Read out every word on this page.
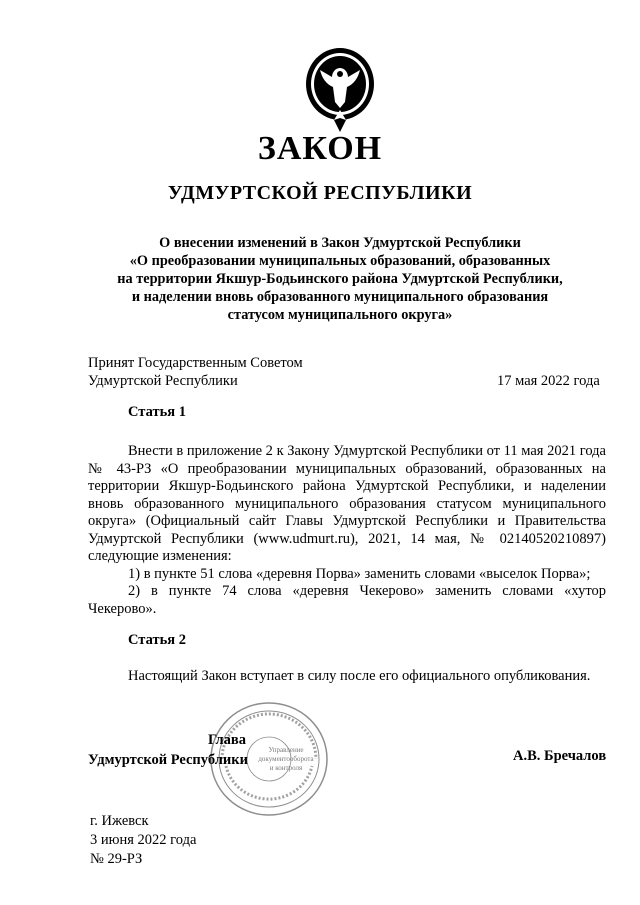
ЗАКОН
УДМУРТСКОЙ РЕСПУБЛИКИ
О внесении изменений в Закон Удмуртской Республики
«О преобразовании муниципальных образований, образованных
на территории Якшур-Бодьинского района Удмуртской Республики,
и наделении вновь образованного муниципального образования
статусом муниципального округа»
Принят Государственным Советом
Удмуртской Республики	17 мая 2022 года
Статья 1

Внести в приложение 2 к Закону Удмуртской Республики от 11 мая 2021 года № 43-РЗ «О преобразовании муниципальных образований, образованных на территории Якшур-Бодьинского района Удмуртской Республики, и наделении вновь образованного муниципального образования статусом муниципального округа» (Официальный сайт Главы Удмуртской Республики и Правительства Удмуртской Республики (www.udmurt.ru), 2021, 14 мая, № 02140520210897) следующие изменения:

1) в пункте 51 слова «деревня Порва» заменить словами «выселок Порва»;

2) в пункте 74 слова «деревня Чекерово» заменить словами «хутор Чекерово».

Статья 2

Настоящий Закон вступает в силу после его официального опубликования.

Управление документооборота и контроля
Глава
Удмуртской Республики	А.В. Бречалов
г. Ижевск
3 июня 2022 года
№ 29-РЗ
